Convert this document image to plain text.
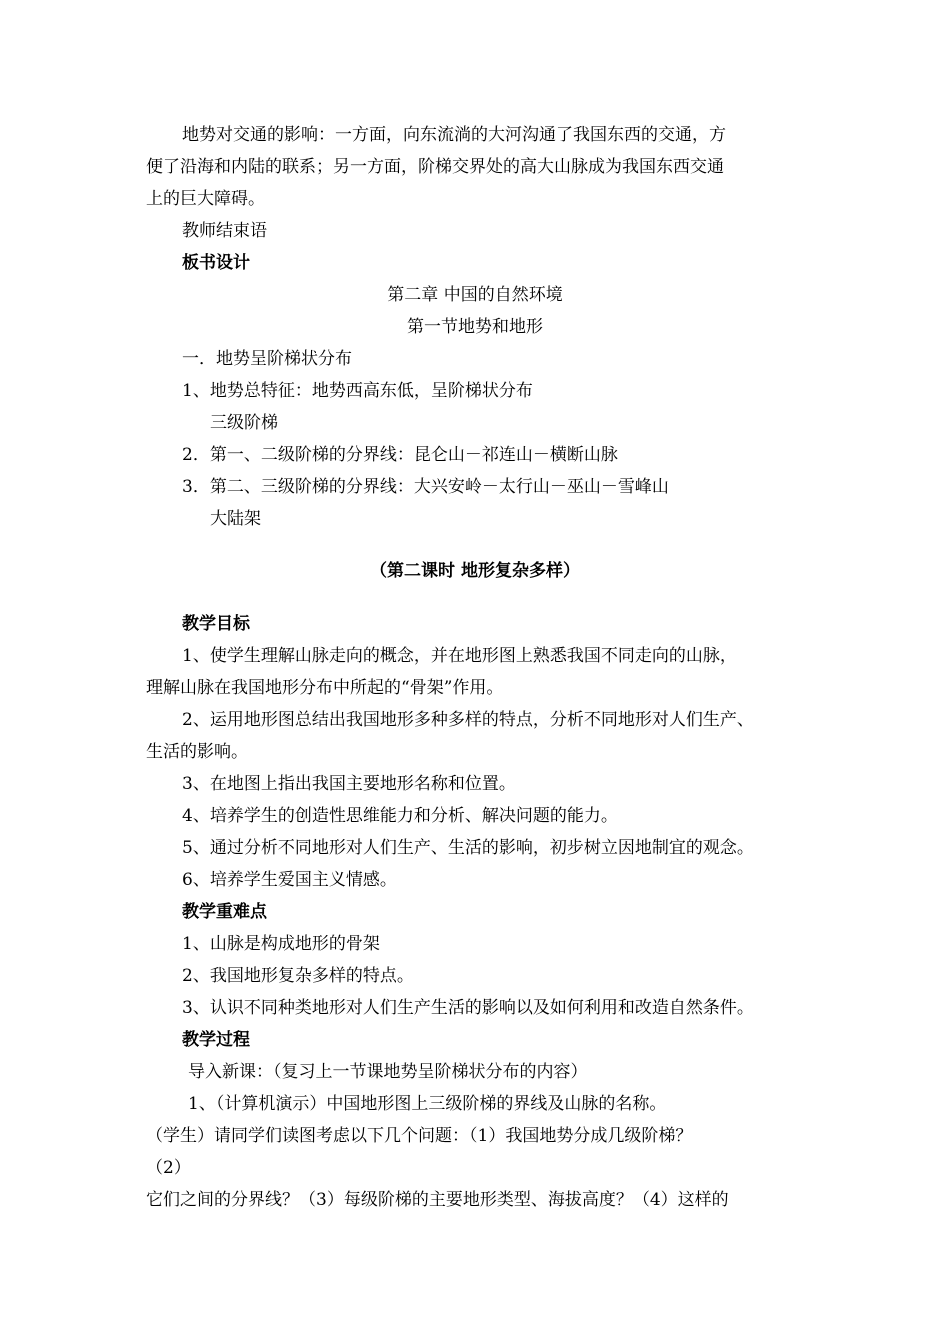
地势对交通的影响：一方面，向东流淌的大河沟通了我国东西的交通，方

便了沿海和内陆的联系；另一方面，阶梯交界处的高大山脉成为我国东西交通

上的巨大障碍。

教师结束语

板书设计

第二章 中国的自然环境

第一节地势和地形

一．地势呈阶梯状分布

1、地势总特征：地势西高东低，呈阶梯状分布

三级阶梯

2．第一、二级阶梯的分界线：昆仑山－祁连山－横断山脉

3．第二、三级阶梯的分界线：大兴安岭－太行山－巫山－雪峰山

大陆架

（第二课时 地形复杂多样）

教学目标

1、使学生理解山脉走向的概念，并在地形图上熟悉我国不同走向的山脉，

理解山脉在我国地形分布中所起的“骨架”作用。

2、运用地形图总结出我国地形多种多样的特点，分析不同地形对人们生产、

生活的影响。

3、在地图上指出我国主要地形名称和位置。

4、培养学生的创造性思维能力和分析、解决问题的能力。

5、通过分析不同地形对人们生产、生活的影响，初步树立因地制宜的观念。

6、培养学生爱国主义情感。

教学重难点

1、山脉是构成地形的骨架

2、我国地形复杂多样的特点。

3、认识不同种类地形对人们生产生活的影响以及如何利用和改造自然条件。

教学过程

导入新课：（复习上一节课地势呈阶梯状分布的内容）

1、（计算机演示）中国地形图上三级阶梯的界线及山脉的名称。

（学生）请同学们读图考虑以下几个问题：（1）我国地势分成几级阶梯？

（2）

它们之间的分界线？（3）每级阶梯的主要地形类型、海拔高度？（4）这样的
